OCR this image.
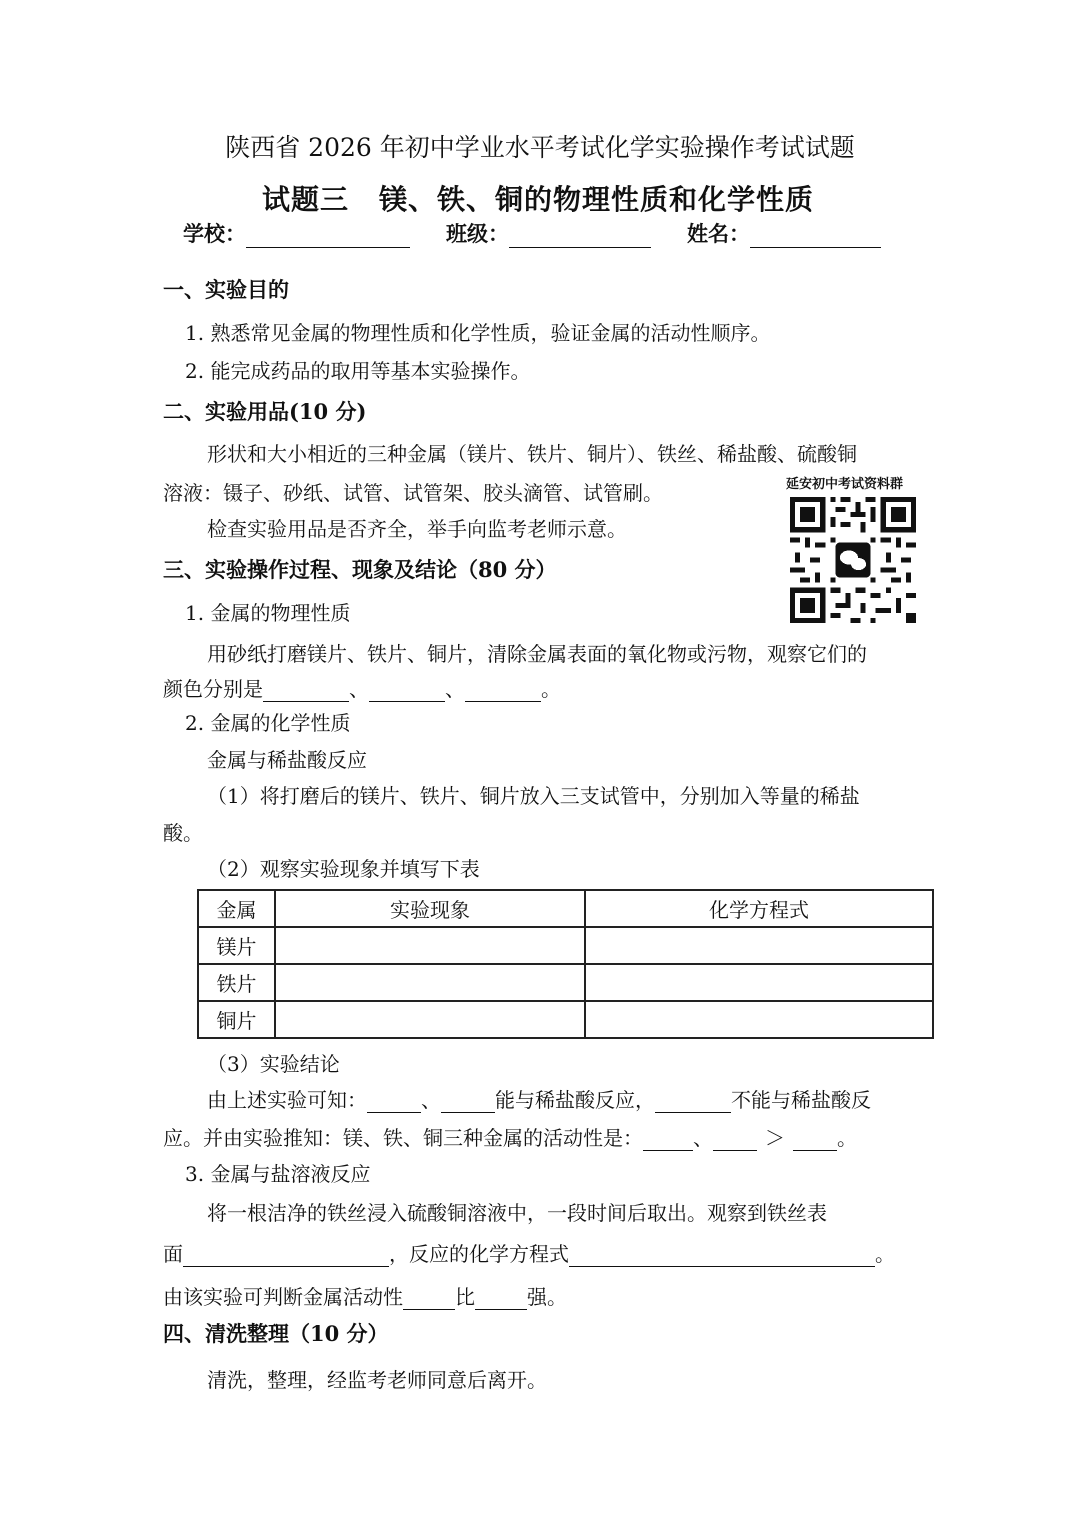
陕西省 2026 年初中学业水平考试化学实验操作考试试题
试题三 镁、铁、铜的物理性质和化学性质
学校：	班级：	姓名：
一、实验目的
1. 熟悉常见金属的物理性质和化学性质，验证金属的活动性顺序。
2. 能完成药品的取用等基本实验操作。
二、实验用品(10 分)
形状和大小相近的三种金属（镁片、铁片、铜片）、铁丝、稀盐酸、硫酸铜
溶液：镊子、砂纸、试管、试管架、胶头滴管、试管刷。
检查实验用品是否齐全，举手向监考老师示意。
延安初中考试资料群
三、实验操作过程、现象及结论（80 分）
1. 金属的物理性质
用砂纸打磨镁片、铁片、铜片，清除金属表面的氧化物或污物，观察它们的
颜色分别是	、	、	。
2. 金属的化学性质
金属与稀盐酸反应
（1）将打磨后的镁片、铁片、铜片放入三支试管中，分别加入等量的稀盐
酸。
（2）观察实验现象并填写下表
金属	实验现象	化学方程式
镁片		
铁片		
铜片		
（3）实验结论
由上述实验可知：	、	能与稀盐酸反应，	不能与稀盐酸反
应。并由实验推知：镁、铁、铜三种金属的活动性是：	、	＞	。
3. 金属与盐溶液反应
将一根洁净的铁丝浸入硫酸铜溶液中，一段时间后取出。观察到铁丝表
面	，反应的化学方程式	。
由该实验可判断金属活动性	比	强。
四、清洗整理（10 分）
清洗，整理，经监考老师同意后离开。
